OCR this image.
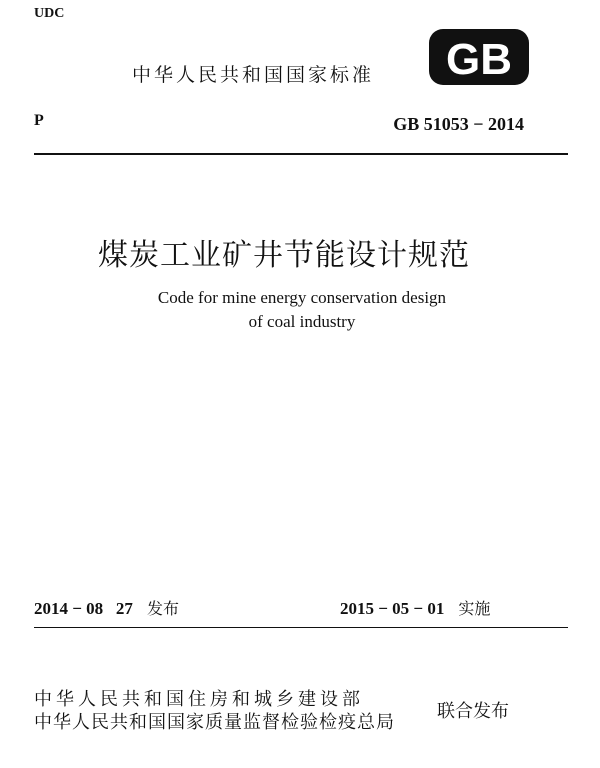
UDC
中华人民共和国国家标准 GB
P	GB 51053 − 2014
煤炭工业矿井节能设计规范
Code for mine energy conservation design
of coal industry
2014 − 08   27 发布	2015 − 05 − 01 实施
中华人民共和国住房和城乡建设部
中华人民共和国国家质量监督检验检疫总局
联合发布
